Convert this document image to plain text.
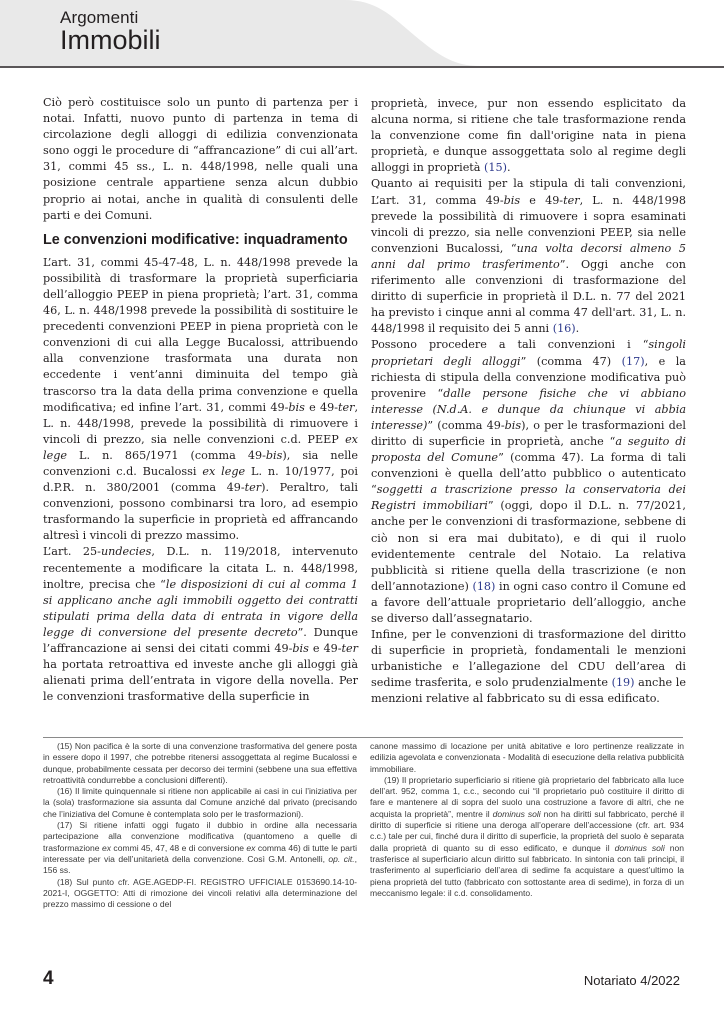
Argomenti
Immobili

Ciò però costituisce solo un punto di partenza per i notai. Infatti, nuovo punto di partenza in tema di circolazione degli alloggi di edilizia convenzionata sono oggi le procedure di “affrancazione” di cui all’art. 31, commi 45 ss., L. n. 448/1998, nelle quali una posizione centrale appartiene senza alcun dubbio proprio ai notai, anche in qualità di consulenti delle parti e dei Comuni.

Le convenzioni modificative: inquadramento

L’art. 31, commi 45-47-48, L. n. 448/1998 prevede la possibilità di trasformare la proprietà superficiaria dell’alloggio PEEP in piena proprietà; l’art. 31, comma 46, L. n. 448/1998 prevede la possibilità di sostituire le precedenti convenzioni PEEP in piena proprietà con le convenzioni di cui alla Legge Bucalossi, attribuendo alla convenzione trasformata una durata non eccedente i vent’anni diminuita del tempo già trascorso tra la data della prima convenzione e quella modificativa; ed infine l’art. 31, commi 49-bis e 49-ter, L. n. 448/1998, prevede la possibilità di rimuovere i vincoli di prezzo, sia nelle convenzioni c.d. PEEP ex lege L. n. 865/1971 (comma 49-bis), sia nelle convenzioni c.d. Bucalossi ex lege L. n. 10/1977, poi d.P.R. n. 380/2001 (comma 49-ter). Peraltro, tali convenzioni, possono combinarsi tra loro, ad esempio trasformando la superficie in proprietà ed affrancando altresì i vincoli di prezzo massimo.

L’art. 25-undecies, D.L. n. 119/2018, intervenuto recentemente a modificare la citata L. n. 448/1998, inoltre, precisa che “le disposizioni di cui al comma 1 si applicano anche agli immobili oggetto dei contratti stipulati prima della data di entrata in vigore della legge di conversione del presente decreto”. Dunque l’affrancazione ai sensi dei citati commi 49-bis e 49-ter ha portata retroattiva ed investe anche gli alloggi già alienati prima dell’entrata in vigore della novella. Per le convenzioni trasformative della superficie in

proprietà, invece, pur non essendo esplicitato da alcuna norma, si ritiene che tale trasformazione renda la convenzione come fin dall'origine nata in piena proprietà, e dunque assoggettata solo al regime degli alloggi in proprietà (15).

Quanto ai requisiti per la stipula di tali convenzioni, L’art. 31, comma 49-bis e 49-ter, L. n. 448/1998 prevede la possibilità di rimuovere i sopra esaminati vincoli di prezzo, sia nelle convenzioni PEEP, sia nelle convenzioni Bucalossi, “una volta decorsi almeno 5 anni dal primo trasferimento”. Oggi anche con riferimento alle convenzioni di trasformazione del diritto di superficie in proprietà il D.L. n. 77 del 2021 ha previsto i cinque anni al comma 47 dell'art. 31, L. n. 448/1998 il requisito dei 5 anni (16).

Possono procedere a tali convenzioni i “singoli proprietari degli alloggi” (comma 47) (17), e la richiesta di stipula della convenzione modificativa può provenire “dalle persone fisiche che vi abbiano interesse (N.d.A. e dunque da chiunque vi abbia interesse)” (comma 49-bis), o per le trasformazioni del diritto di superficie in proprietà, anche “a seguito di proposta del Comune” (comma 47). La forma di tali convenzioni è quella dell’atto pubblico o autenticato “soggetti a trascrizione presso la conservatoria dei Registri immobiliari” (oggi, dopo il D.L. n. 77/2021, anche per le convenzioni di trasformazione, sebbene di ciò non si era mai dubitato), e di qui il ruolo evidentemente centrale del Notaio. La relativa pubblicità si ritiene quella della trascrizione (e non dell’annotazione) (18) in ogni caso contro il Comune ed a favore dell’attuale proprietario dell’alloggio, anche se diverso dall’assegnatario.

Infine, per le convenzioni di trasformazione del diritto di superficie in proprietà, fondamentali le menzioni urbanistiche e l’allegazione del CDU dell’area di sedime trasferita, e solo prudenzialmente (19) anche le menzioni relative al fabbricato su di essa edificato.

(15) Non pacifica è la sorte di una convenzione trasformativa del genere posta in essere dopo il 1997, che potrebbe ritenersi assoggettata al regime Bucalossi e dunque, probabilmente cessata per decorso dei termini (sebbene una sua effettiva retroattività condurrebbe a conclusioni differenti).

(16) Il limite quinquennale si ritiene non applicabile ai casi in cui l’iniziativa per la (sola) trasformazione sia assunta dal Comune anziché dal privato (precisando che l’iniziativa del Comune è contemplata solo per le trasformazioni).

(17) Si ritiene infatti oggi fugato il dubbio in ordine alla necessaria partecipazione alla convenzione modificativa (quantomeno a quelle di trasformazione ex commi 45, 47, 48 e di conversione ex comma 46) di tutte le parti interessate per via dell’unitarietà della convenzione. Così G.M. Antonelli, op. cit., 156 ss.

(18) Sul punto cfr. AGE.AGEDP-FI. REGISTRO UFFICIALE 0153690.14-10-2021-I, OGGETTO: Atti di rimozione dei vincoli relativi alla determinazione del prezzo massimo di cessione o del

canone massimo di locazione per unità abitative e loro pertinenze realizzate in edilizia agevolata e convenzionata - Modalità di esecuzione della relativa pubblicità immobiliare.

(19) Il proprietario superficiario si ritiene già proprietario del fabbricato alla luce dell’art. 952, comma 1, c.c., secondo cui “il proprietario può costituire il diritto di fare e mantenere al di sopra del suolo una costruzione a favore di altri, che ne acquista la proprietà”, mentre il dominus soli non ha diritti sul fabbricato, perché il diritto di superficie si ritiene una deroga all’operare dell’accessione (cfr. art. 934 c.c.) tale per cui, finché dura il diritto di superficie, la proprietà del suolo è separata dalla proprietà di quanto su di esso edificato, e dunque il dominus soli non trasferisce al superficiario alcun diritto sul fabbricato. In sintonia con tali principi, il trasferimento al superficiario dell’area di sedime fa acquistare a quest’ultimo la piena proprietà del tutto (fabbricato con sottostante area di sedime), in forza di un meccanismo legale: il c.d. consolidamento.

4	Notariato 4/2022
